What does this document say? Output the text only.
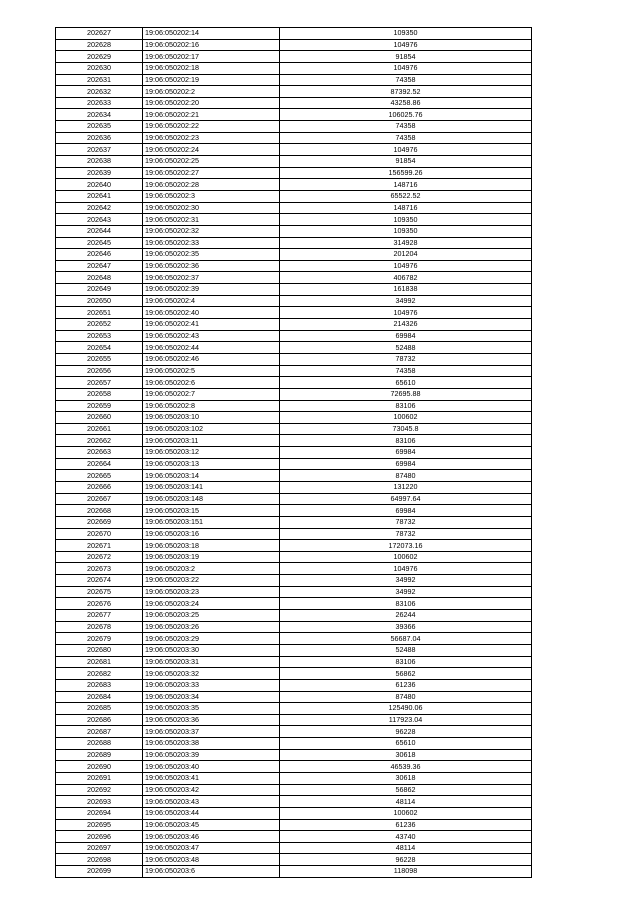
202627	19:06:050202:14	109350
202628	19:06:050202:16	104976
202629	19:06:050202:17	91854
202630	19:06:050202:18	104976
202631	19:06:050202:19	74358
202632	19:06:050202:2	87392.52
202633	19:06:050202:20	43258.86
202634	19:06:050202:21	106025.76
202635	19:06:050202:22	74358
202636	19:06:050202:23	74358
202637	19:06:050202:24	104976
202638	19:06:050202:25	91854
202639	19:06:050202:27	156599.26
202640	19:06:050202:28	148716
202641	19:06:050202:3	65522.52
202642	19:06:050202:30	148716
202643	19:06:050202:31	109350
202644	19:06:050202:32	109350
202645	19:06:050202:33	314928
202646	19:06:050202:35	201204
202647	19:06:050202:36	104976
202648	19:06:050202:37	406782
202649	19:06:050202:39	161838
202650	19:06:050202:4	34992
202651	19:06:050202:40	104976
202652	19:06:050202:41	214326
202653	19:06:050202:43	69984
202654	19:06:050202:44	52488
202655	19:06:050202:46	78732
202656	19:06:050202:5	74358
202657	19:06:050202:6	65610
202658	19:06:050202:7	72695.88
202659	19:06:050202:8	83106
202660	19:06:050203:10	100602
202661	19:06:050203:102	73045.8
202662	19:06:050203:11	83106
202663	19:06:050203:12	69984
202664	19:06:050203:13	69984
202665	19:06:050203:14	87480
202666	19:06:050203:141	131220
202667	19:06:050203:148	64997.64
202668	19:06:050203:15	69984
202669	19:06:050203:151	78732
202670	19:06:050203:16	78732
202671	19:06:050203:18	172073.16
202672	19:06:050203:19	100602
202673	19:06:050203:2	104976
202674	19:06:050203:22	34992
202675	19:06:050203:23	34992
202676	19:06:050203:24	83106
202677	19:06:050203:25	26244
202678	19:06:050203:26	39366
202679	19:06:050203:29	56687.04
202680	19:06:050203:30	52488
202681	19:06:050203:31	83106
202682	19:06:050203:32	56862
202683	19:06:050203:33	61236
202684	19:06:050203:34	87480
202685	19:06:050203:35	125490.06
202686	19:06:050203:36	117923.04
202687	19:06:050203:37	96228
202688	19:06:050203:38	65610
202689	19:06:050203:39	30618
202690	19:06:050203:40	46539.36
202691	19:06:050203:41	30618
202692	19:06:050203:42	56862
202693	19:06:050203:43	48114
202694	19:06:050203:44	100602
202695	19:06:050203:45	61236
202696	19:06:050203:46	43740
202697	19:06:050203:47	48114
202698	19:06:050203:48	96228
202699	19:06:050203:6	118098
